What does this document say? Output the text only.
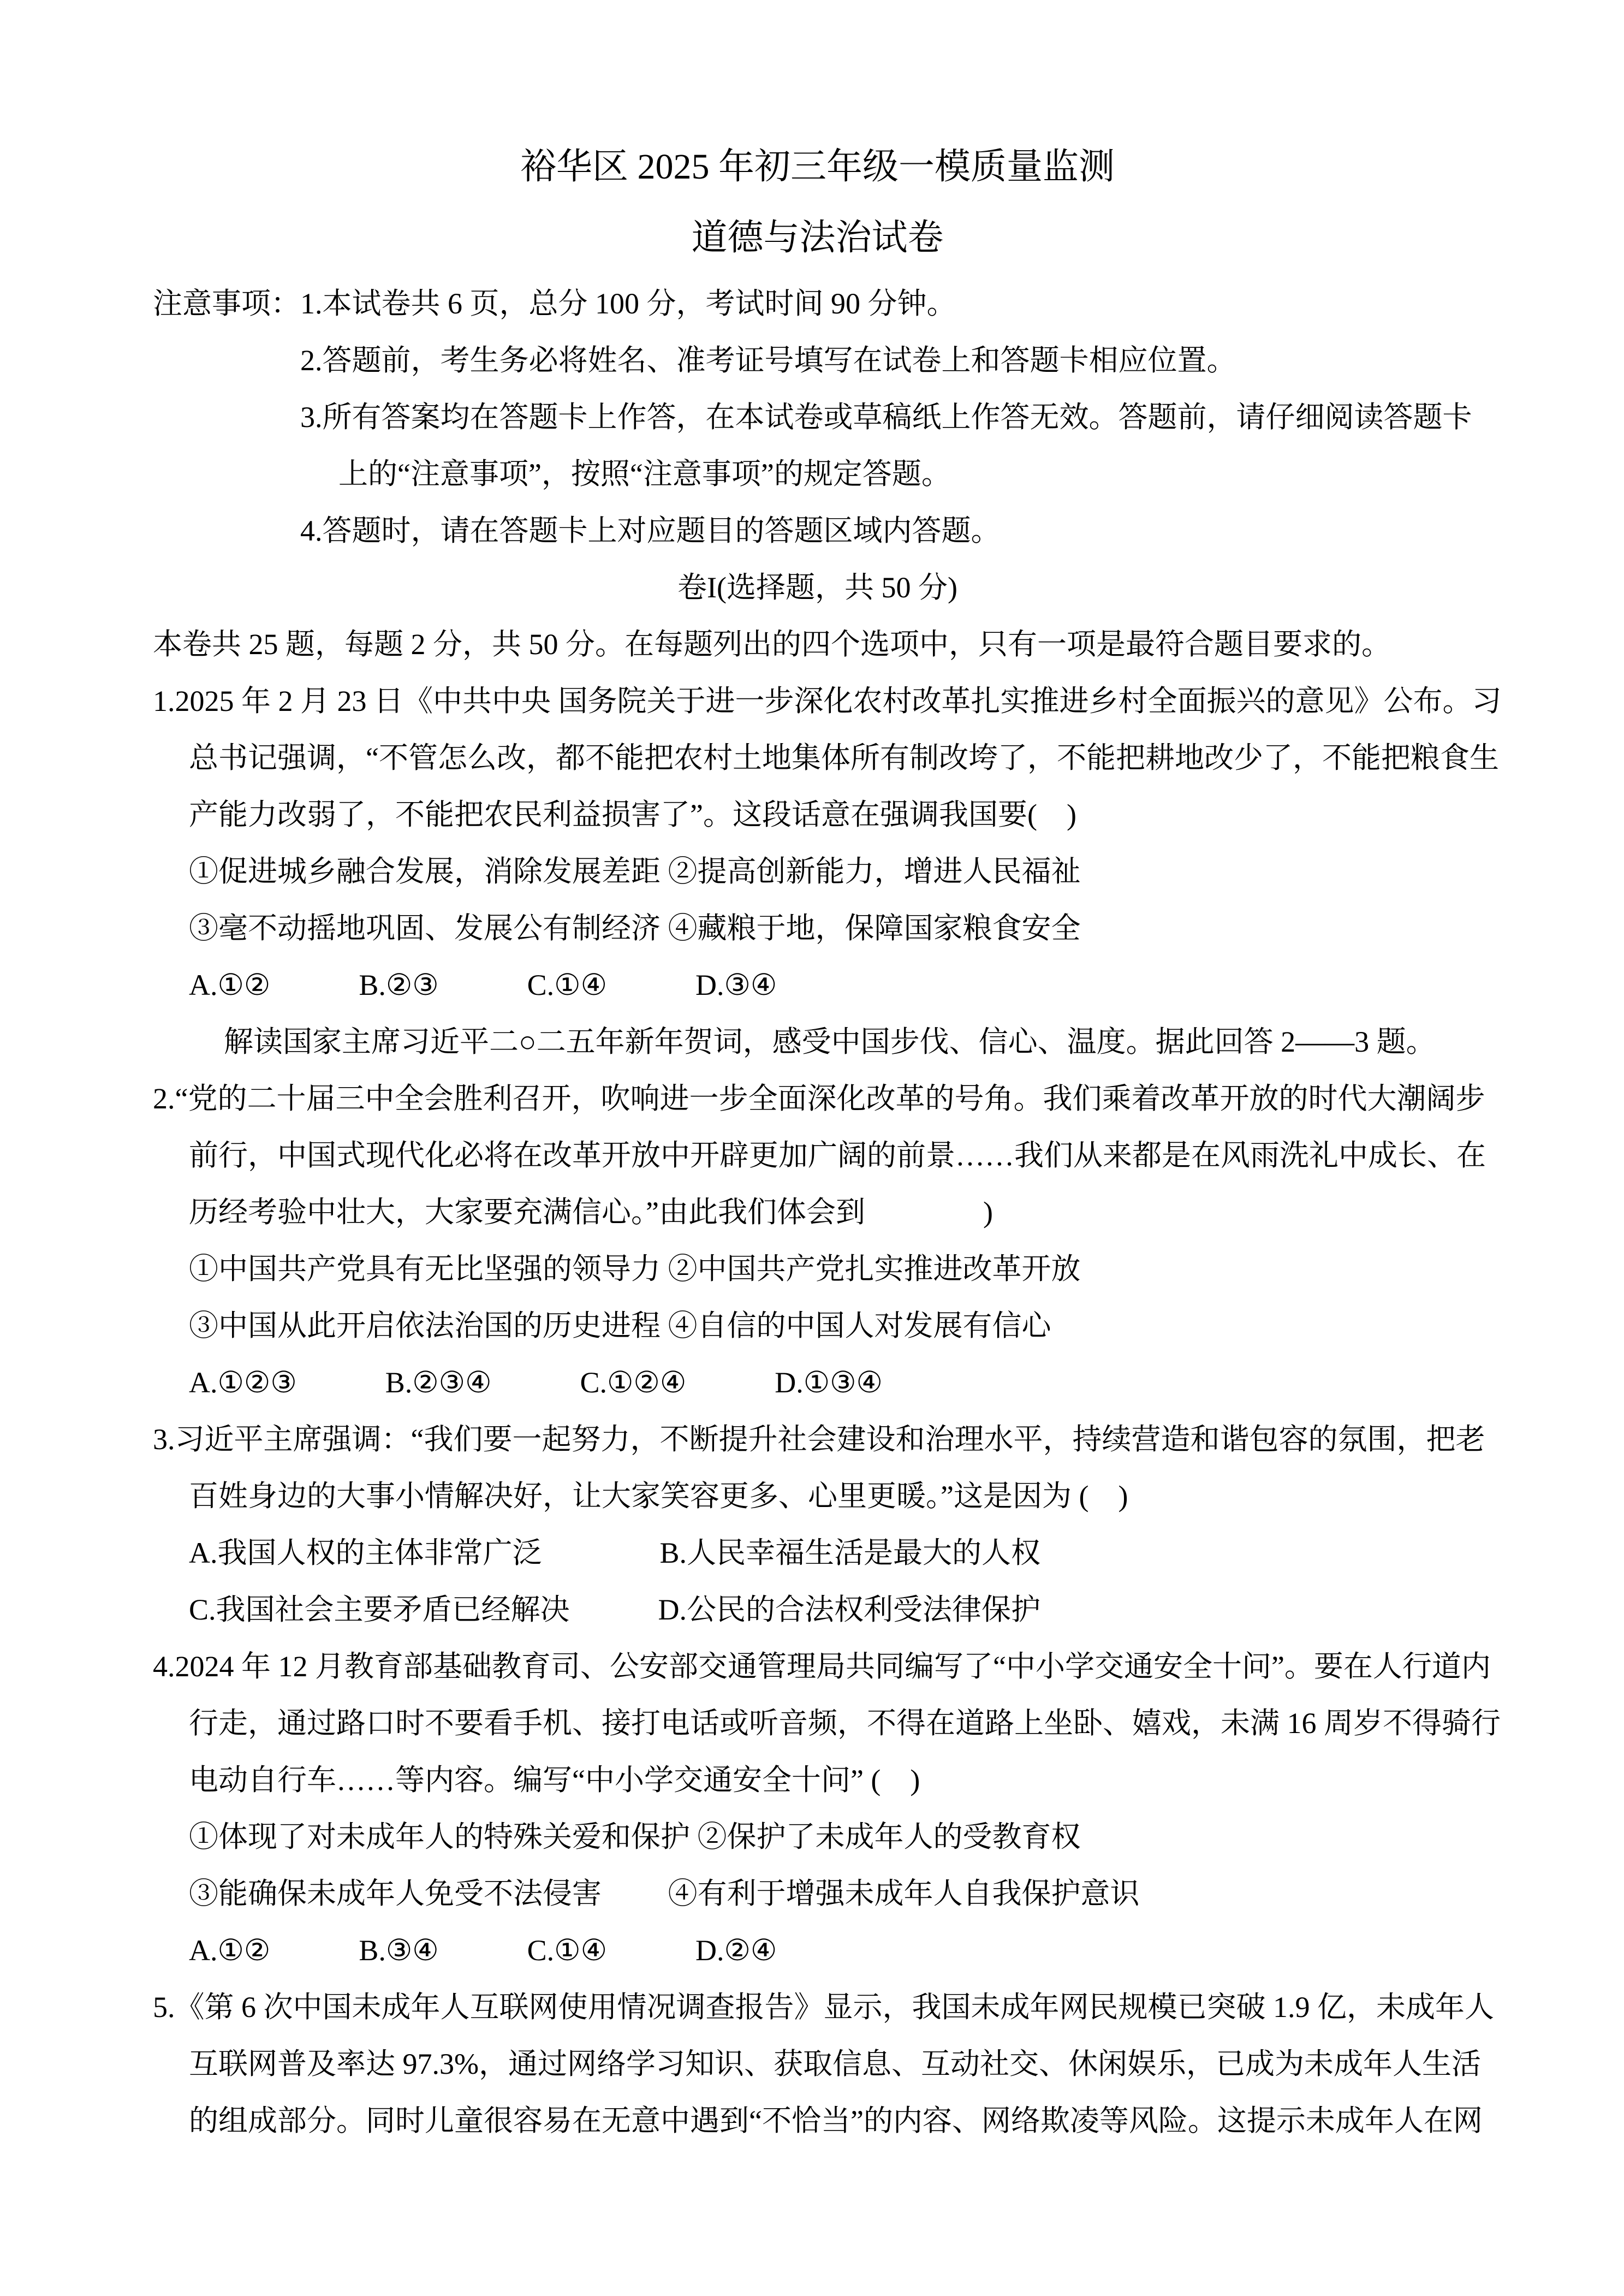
裕华区 2025 年初三年级一模质量监测
道德与法治试卷
注意事项：1.本试卷共 6 页，总分 100 分，考试时间 90 分钟。
2.答题前，考生务必将姓名、准考证号填写在试卷上和答题卡相应位置。
3.所有答案均在答题卡上作答，在本试卷或草稿纸上作答无效。答题前，请仔细阅读答题卡
上的“注意事项”，按照“注意事项”的规定答题。
4.答题时，请在答题卡上对应题目的答题区域内答题。
卷I(选择题，共 50 分)
本卷共 25 题，每题 2 分，共 50 分。在每题列出的四个选项中，只有一项是最符合题目要求的。
1.2025 年 2 月 23 日《中共中央 国务院关于进一步深化农村改革扎实推进乡村全面振兴的意见》公布。习
总书记强调，“不管怎么改，都不能把农村土地集体所有制改垮了，不能把耕地改少了，不能把粮食生
产能力改弱了，不能把农民利益损害了”。这段话意在强调我国要(　)
①促进城乡融合发展，消除发展差距 ②提高创新能力，增进人民福祉
③毫不动摇地巩固、发展公有制经济 ④藏粮于地，保障国家粮食安全
A.①②　　　B.②③　　　C.①④　　　D.③④
解读国家主席习近平二○二五年新年贺词，感受中国步伐、信心、温度。据此回答 2——3 题。
2.“党的二十届三中全会胜利召开，吹响进一步全面深化改革的号角。我们乘着改革开放的时代大潮阔步
前行，中国式现代化必将在改革开放中开辟更加广阔的前景……我们从来都是在风雨洗礼中成长、在
历经考验中壮大，大家要充满信心。”由此我们体会到　　　　)
①中国共产党具有无比坚强的领导力 ②中国共产党扎实推进改革开放
③中国从此开启依法治国的历史进程 ④自信的中国人对发展有信心
A.①②③　　　B.②③④　　　C.①②④　　　D.①③④
3.习近平主席强调：“我们要一起努力，不断提升社会建设和治理水平，持续营造和谐包容的氛围，把老
百姓身边的大事小情解决好，让大家笑容更多、心里更暖。”这是因为 (　)
A.我国人权的主体非常广泛　　　　B.人民幸福生活是最大的人权
C.我国社会主要矛盾已经解决　　　D.公民的合法权利受法律保护
4.2024 年 12 月教育部基础教育司、公安部交通管理局共同编写了“中小学交通安全十问”。要在人行道内
行走，通过路口时不要看手机、接打电话或听音频，不得在道路上坐卧、嬉戏，未满 16 周岁不得骑行
电动自行车……等内容。编写“中小学交通安全十问” (　)
①体现了对未成年人的特殊关爱和保护 ②保护了未成年人的受教育权
③能确保未成年人免受不法侵害　　 ④有利于增强未成年人自我保护意识
A.①②　　　B.③④　　　C.①④　　　D.②④
5.《第 6 次中国未成年人互联网使用情况调查报告》显示，我国未成年网民规模已突破 1.9 亿，未成年人
互联网普及率达 97.3%，通过网络学习知识、获取信息、互动社交、休闲娱乐，已成为未成年人生活
的组成部分。同时儿童很容易在无意中遇到“不恰当”的内容、网络欺凌等风险。这提示未成年人在网
